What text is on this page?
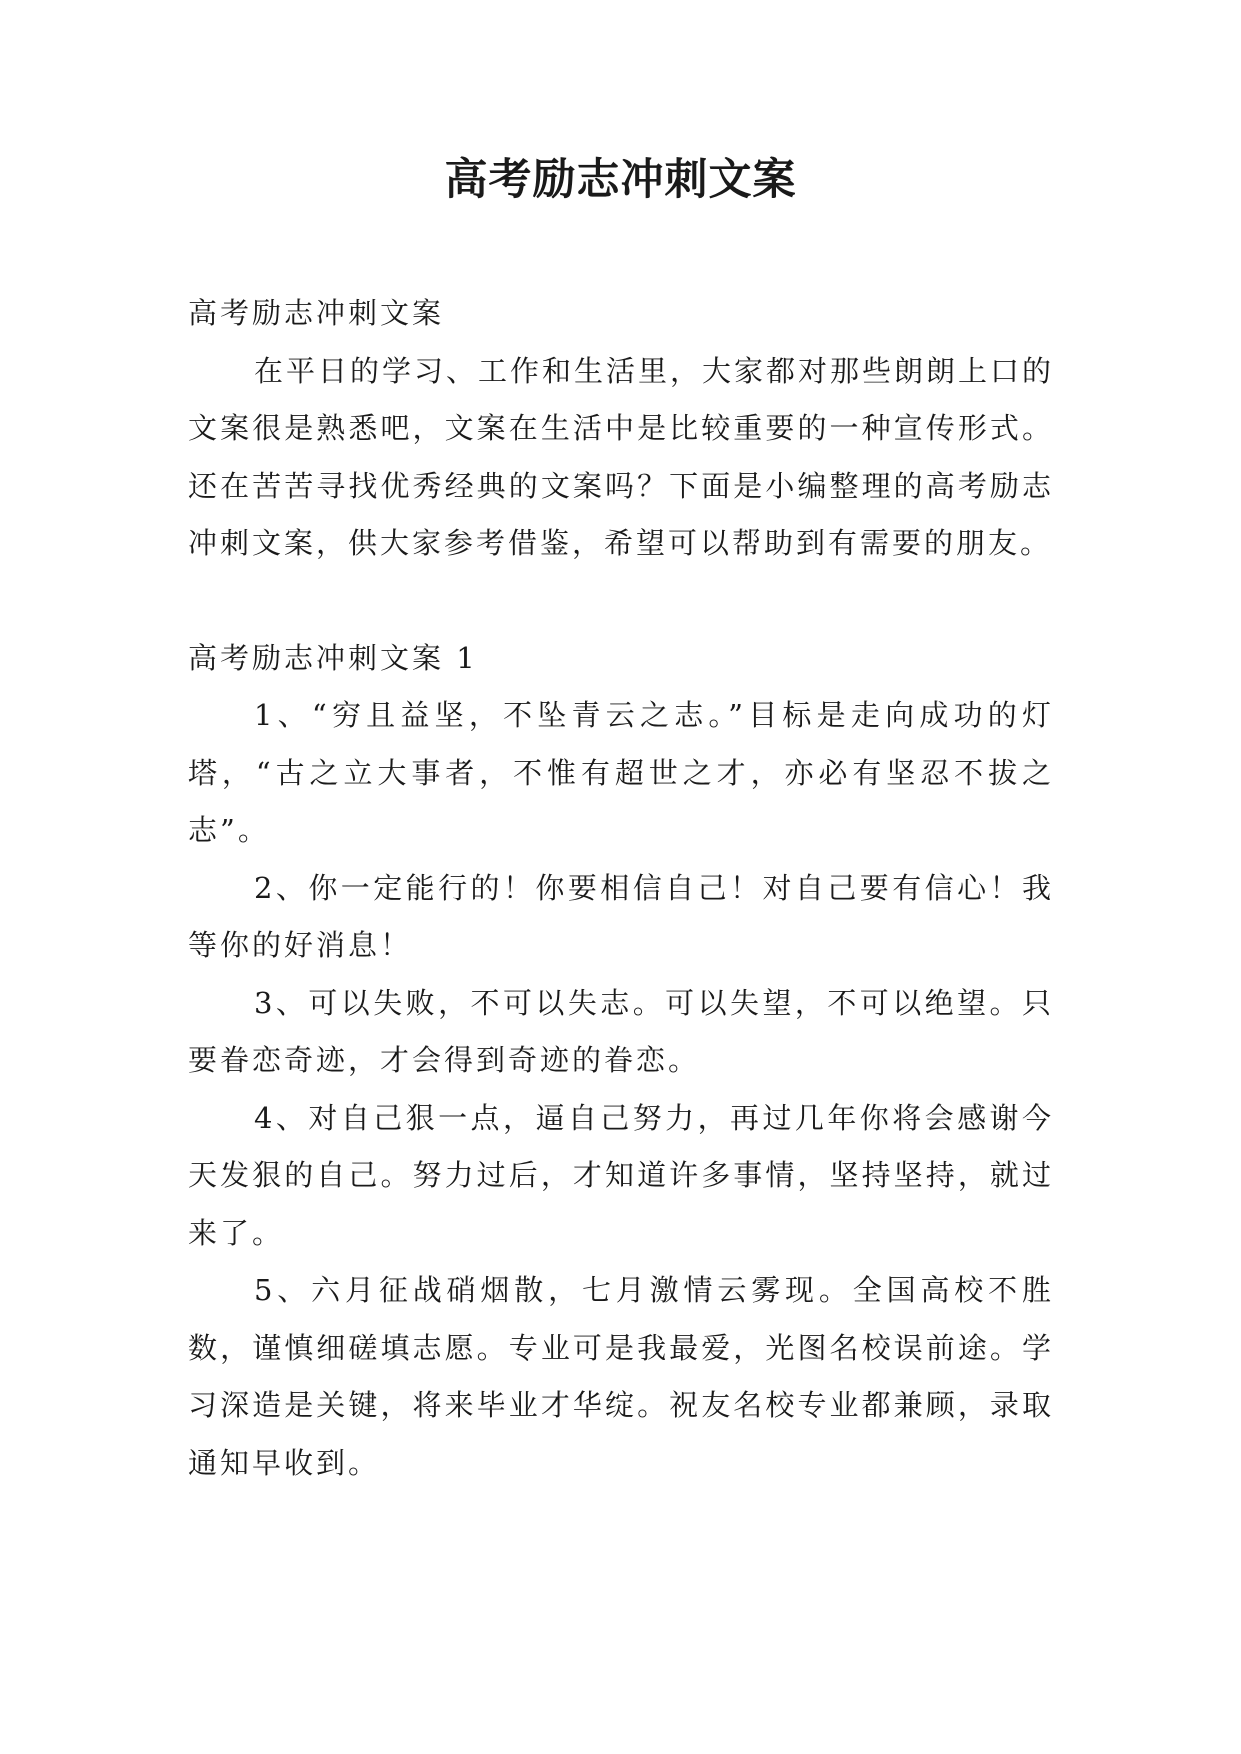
高考励志冲刺文案

高考励志冲刺文案

在平日的学习、工作和生活里，大家都对那些朗朗上口的文案很是熟悉吧，文案在生活中是比较重要的一种宣传形式。还在苦苦寻找优秀经典的文案吗？下面是小编整理的高考励志冲刺文案，供大家参考借鉴，希望可以帮助到有需要的朋友。

高考励志冲刺文案 1

1、“穷且益坚，不坠青云之志。”目标是走向成功的灯塔，“古之立大事者，不惟有超世之才，亦必有坚忍不拔之志”。

2、你一定能行的！你要相信自己！对自己要有信心！我等你的好消息！

3、可以失败，不可以失志。可以失望，不可以绝望。只要眷恋奇迹，才会得到奇迹的眷恋。

4、对自己狠一点，逼自己努力，再过几年你将会感谢今天发狠的自己。努力过后，才知道许多事情，坚持坚持，就过来了。

5、六月征战硝烟散，七月激情云雾现。全国高校不胜数，谨慎细磋填志愿。专业可是我最爱，光图名校误前途。学习深造是关键，将来毕业才华绽。祝友名校专业都兼顾，录取通知早收到。
